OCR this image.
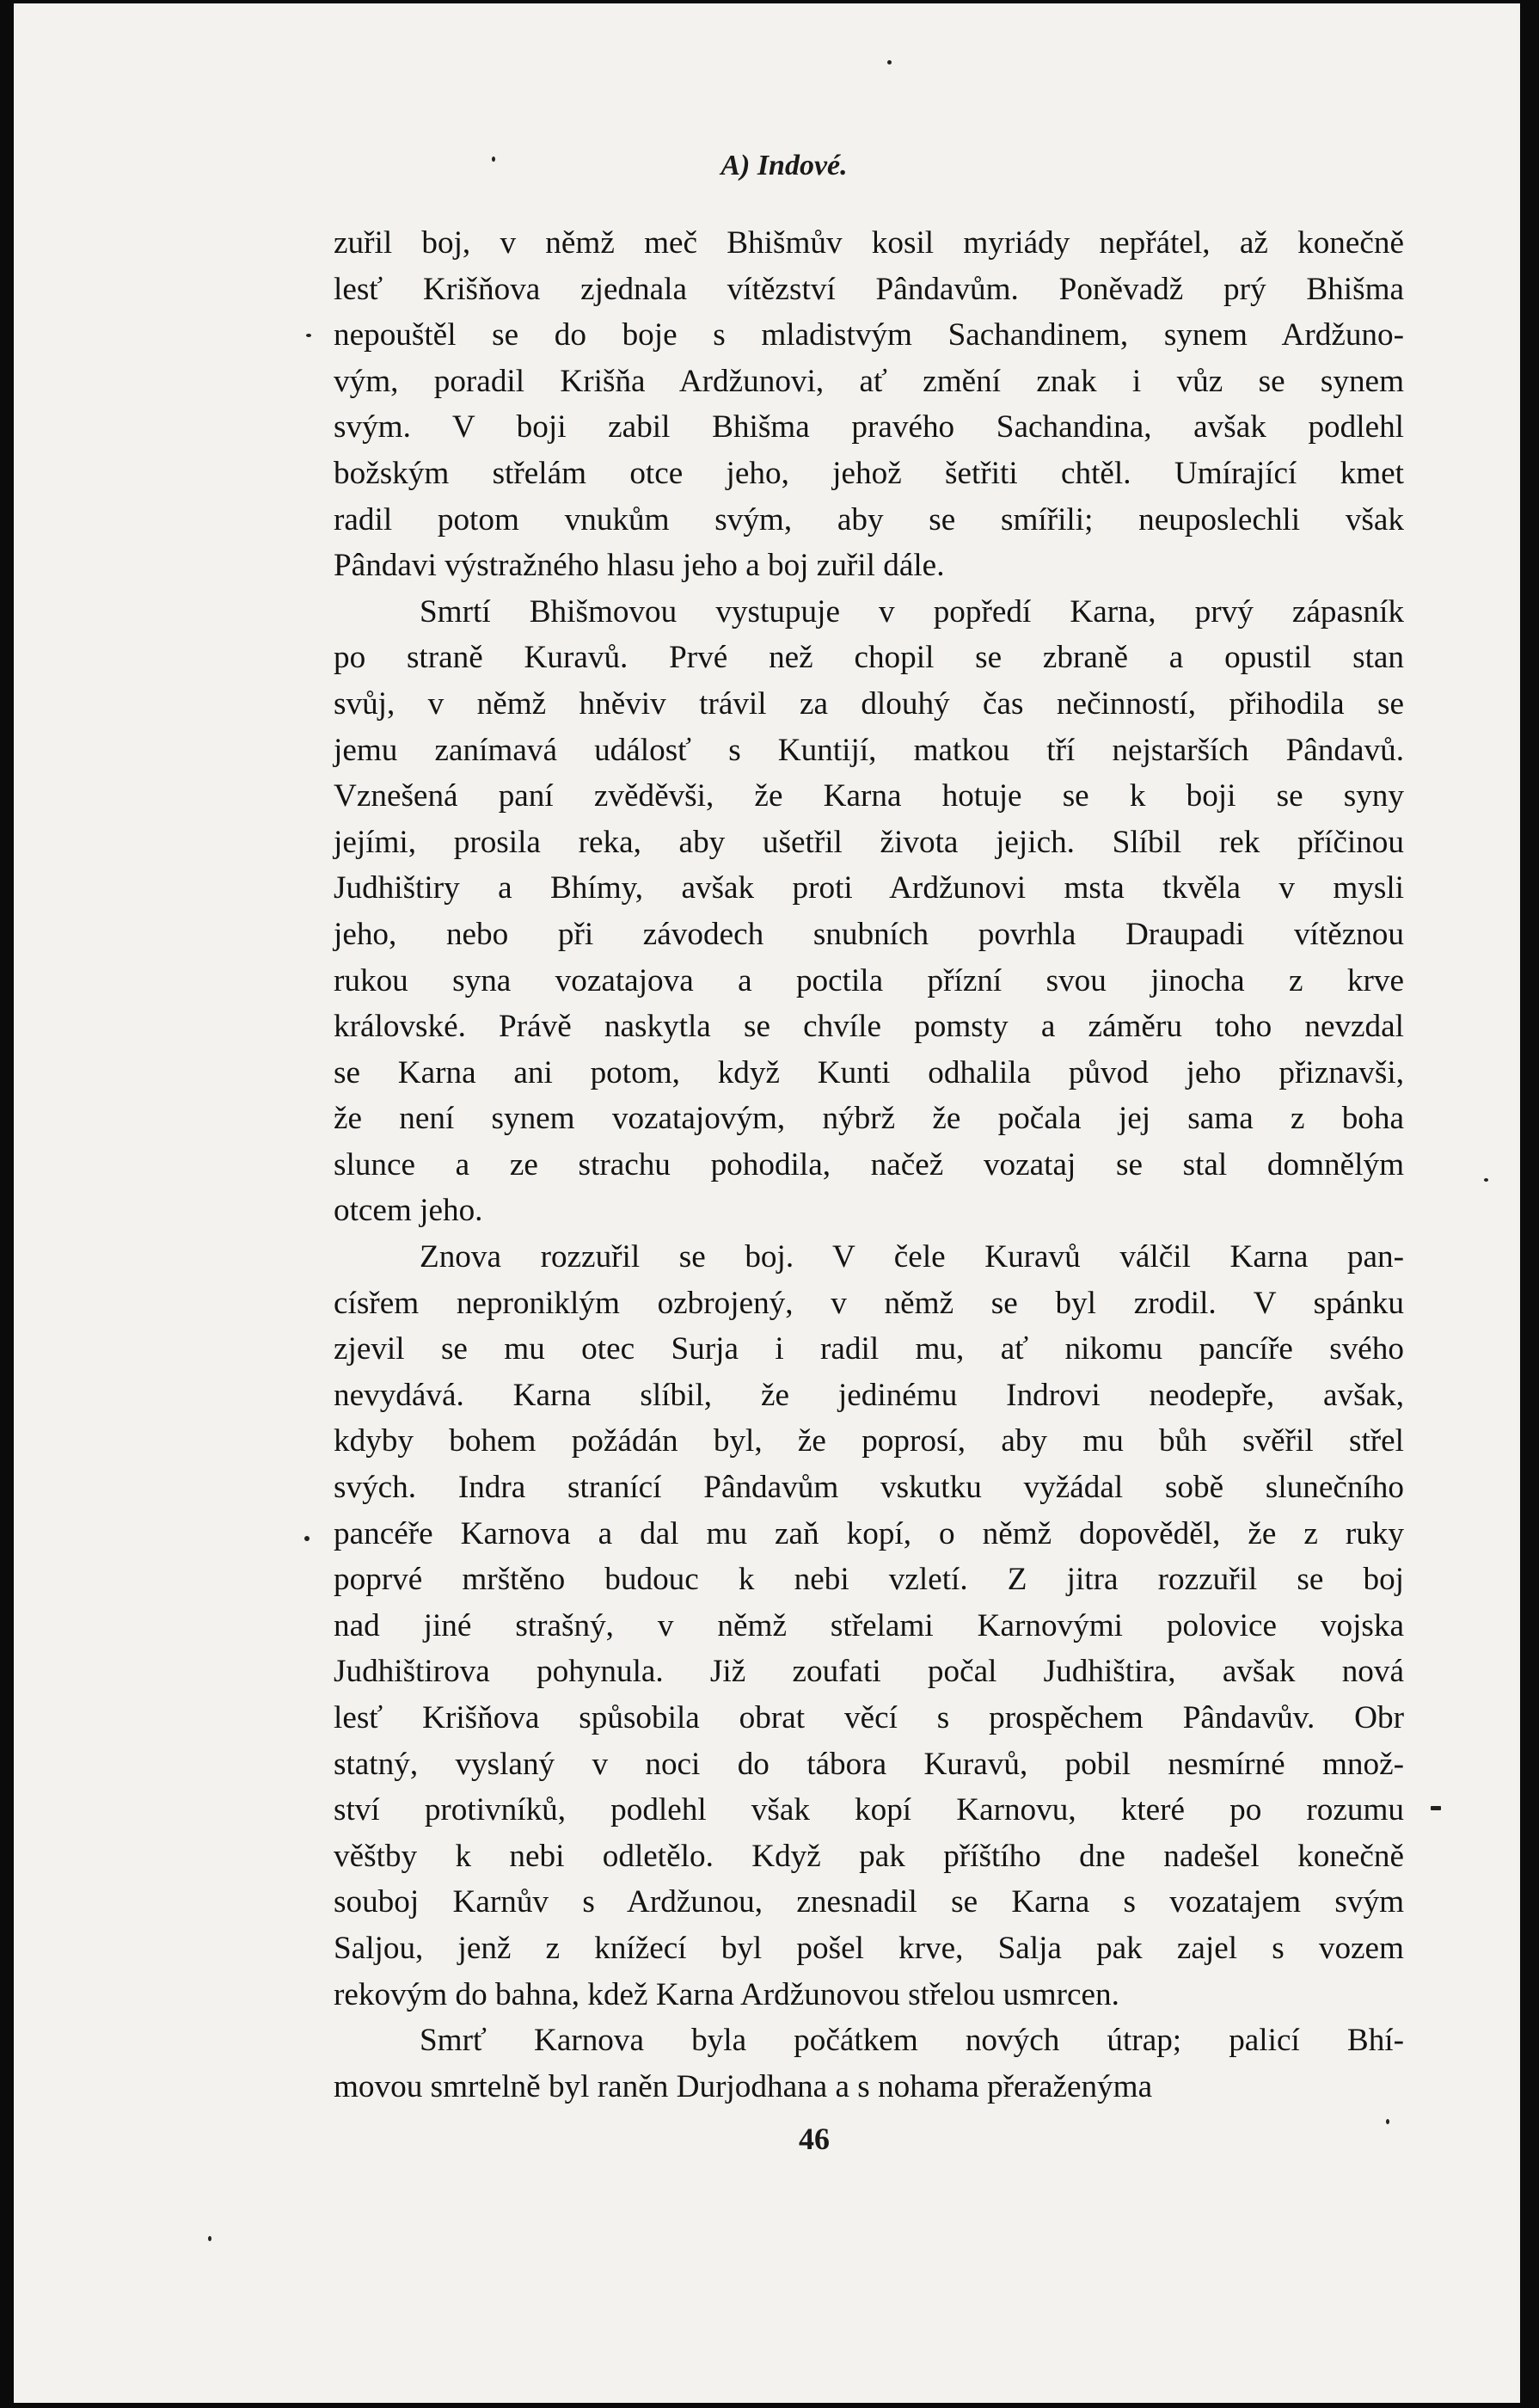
A) Indové.
zuřil boj, v němž meč Bhišmův kosil myriády nepřátel, až konečně
lesť Krišňova zjednala vítězství Pândavům. Poněvadž prý Bhišma
nepouštěl se do boje s mladistvým Sachandinem, synem Ardžuno-
vým, poradil Krišňa Ardžunovi, ať změní znak i vůz se synem
svým. V boji zabil Bhišma pravého Sachandina, avšak podlehl
božským střelám otce jeho, jehož šetřiti chtěl. Umírající kmet
radil potom vnukům svým, aby se smířili; neuposlechli však
Pândavi výstražného hlasu jeho a boj zuřil dále.
Smrtí Bhišmovou vystupuje v popředí Karna, prvý zápasník
po straně Kuravů. Prvé než chopil se zbraně a opustil stan
svůj, v němž hněviv trávil za dlouhý čas nečinností, přihodila se
jemu zanímavá událosť s Kuntijí, matkou tří nejstarších Pândavů.
Vznešená paní zvěděvši, že Karna hotuje se k boji se syny
jejími, prosila reka, aby ušetřil života jejich. Slíbil rek příčinou
Judhištiry a Bhímy, avšak proti Ardžunovi msta tkvěla v mysli
jeho, nebo při závodech snubních povrhla Draupadi vítěznou
rukou syna vozatajova a poctila přízní svou jinocha z krve
královské. Právě naskytla se chvíle pomsty a záměru toho nevzdal
se Karna ani potom, když Kunti odhalila původ jeho přiznavši,
že není synem vozatajovým, nýbrž že počala jej sama z boha
slunce a ze strachu pohodila, načež vozataj se stal domnělým
otcem jeho.
Znova rozzuřil se boj. V čele Kuravů válčil Karna pan-
císřem neproniklým ozbrojený, v němž se byl zrodil. V spánku
zjevil se mu otec Surja i radil mu, ať nikomu pancíře svého
nevydává. Karna slíbil, že jedinému Indrovi neodepře, avšak,
kdyby bohem požádán byl, že poprosí, aby mu bůh svěřil střel
svých. Indra stranící Pândavům vskutku vyžádal sobě slunečního
pancéře Karnova a dal mu zaň kopí, o němž dopověděl, že z ruky
poprvé mrštěno budouc k nebi vzletí. Z jitra rozzuřil se boj
nad jiné strašný, v němž střelami Karnovými polovice vojska
Judhištirova pohynula. Již zoufati počal Judhištira, avšak nová
lesť Krišňova spůsobila obrat věcí s prospěchem Pândavův. Obr
statný, vyslaný v noci do tábora Kuravů, pobil nesmírné množ-
ství protivníků, podlehl však kopí Karnovu, které po rozumu
věštby k nebi odletělo. Když pak příštího dne nadešel konečně
souboj Karnův s Ardžunou, znesnadil se Karna s vozatajem svým
Saljou, jenž z knížecí byl pošel krve, Salja pak zajel s vozem
rekovým do bahna, kdež Karna Ardžunovou střelou usmrcen.
Smrť Karnova byla počátkem nových útrap; palicí Bhí-
movou smrtelně byl raněn Durjodhana a s nohama přeraženýma
46
